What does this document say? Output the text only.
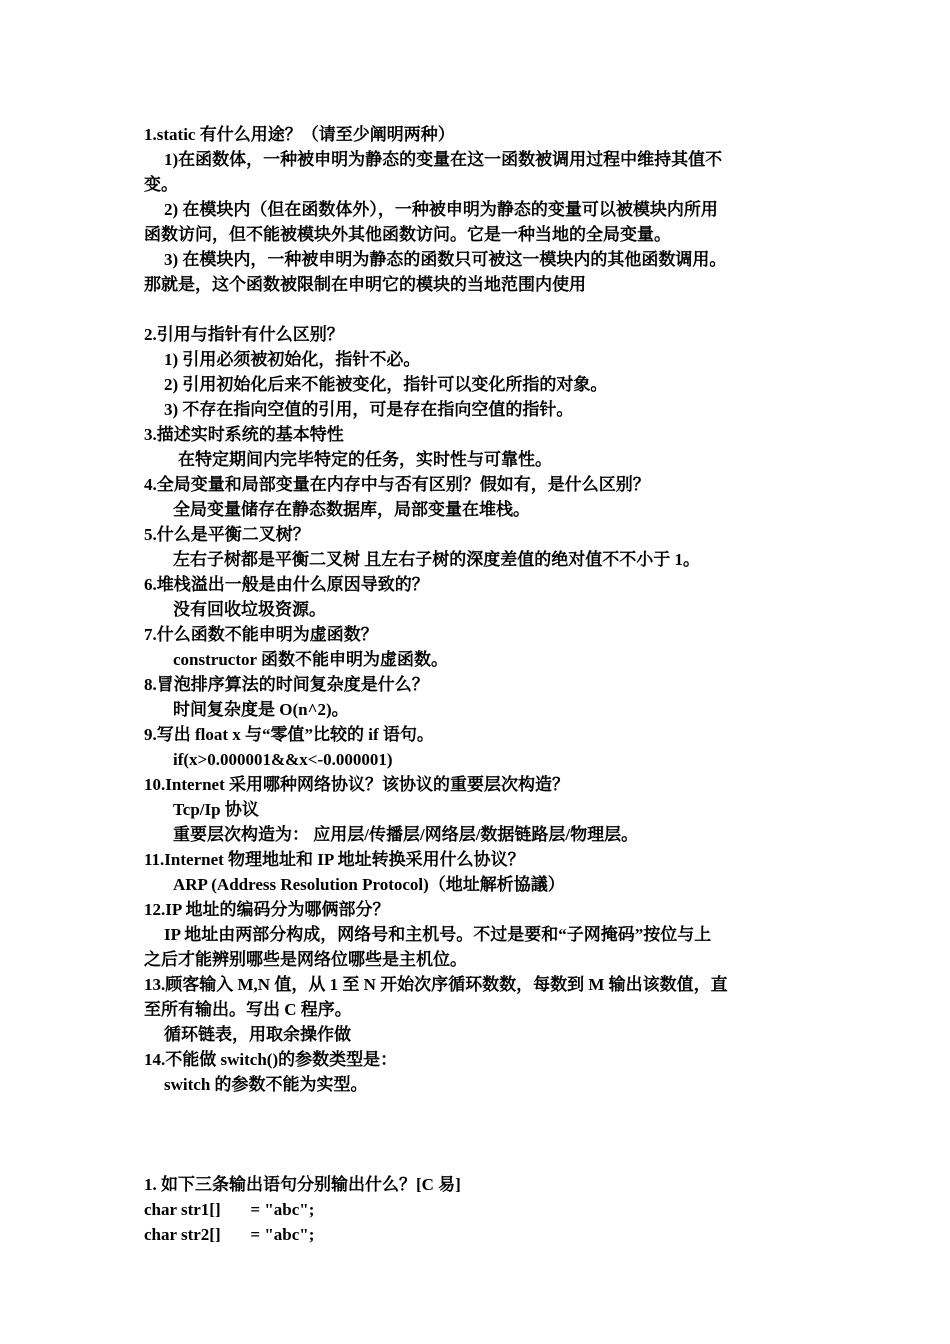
1.static 有什么用途？（请至少阐明两种）
1)在函数体，一种被申明为静态的变量在这一函数被调用过程中维持其值不
变。
2) 在模块内（但在函数体外），一种被申明为静态的变量可以被模块内所用
函数访问，但不能被模块外其他函数访问。它是一种当地的全局变量。
3) 在模块内，一种被申明为静态的函数只可被这一模块内的其他函数调用。
那就是，这个函数被限制在申明它的模块的当地范围内使用
2.引用与指针有什么区别？
1) 引用必须被初始化，指针不必。
2) 引用初始化后来不能被变化，指针可以变化所指的对象。
3) 不存在指向空值的引用，可是存在指向空值的指针。
3.描述实时系统的基本特性
在特定期间内完毕特定的任务，实时性与可靠性。
4.全局变量和局部变量在内存中与否有区别？假如有，是什么区别？
全局变量储存在静态数据库，局部变量在堆栈。
5.什么是平衡二叉树？
左右子树都是平衡二叉树 且左右子树的深度差值的绝对值不不小于 1。
6.堆栈溢出一般是由什么原因导致的？
没有回收垃圾资源。
7.什么函数不能申明为虚函数？
constructor 函数不能申明为虚函数。
8.冒泡排序算法的时间复杂度是什么？
时间复杂度是 O(n^2)。
9.写出 float x 与“零值”比较的 if 语句。
if(x>0.000001&&x<-0.000001)
10.Internet 采用哪种网络协议？该协议的重要层次构造？
Tcp/Ip 协议
重要层次构造为： 应用层/传播层/网络层/数据链路层/物理层。
11.Internet 物理地址和 IP 地址转换采用什么协议？
ARP (Address Resolution Protocol)（地址解析協議）
12.IP 地址的编码分为哪俩部分？
IP 地址由两部分构成，网络号和主机号。不过是要和“子网掩码”按位与上
之后才能辨别哪些是网络位哪些是主机位。
13.顾客输入 M,N 值，从 1 至 N 开始次序循环数数，每数到 M 输出该数值，直
至所有输出。写出 C 程序。
循环链表，用取余操作做
14.不能做 switch()的参数类型是：
switch 的参数不能为实型。
1. 如下三条输出语句分别输出什么？[C 易]
char str1[]       = "abc";
char str2[]       = "abc";
